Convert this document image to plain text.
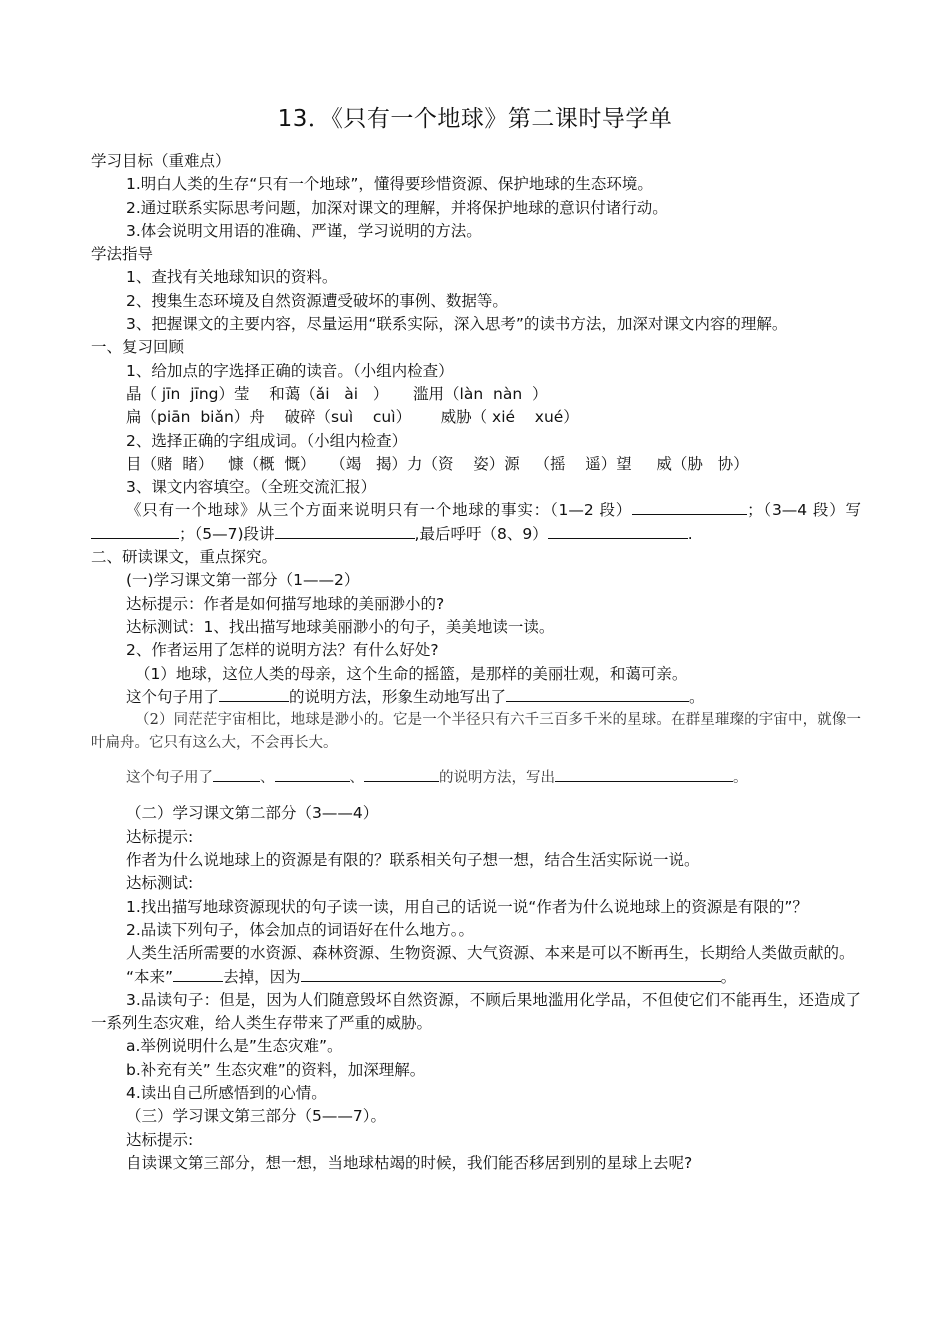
13．《只有一个地球》第二课时导学单
学习目标（重难点）
1.明白人类的生存“只有一个地球”，懂得要珍惜资源、保护地球的生态环境。
2.通过联系实际思考问题，加深对课文的理解，并将保护地球的意识付诸行动。
3.体会说明文用语的准确、严谨，学习说明的方法。
学法指导
1、查找有关地球知识的资料。
2、搜集生态环境及自然资源遭受破坏的事例、数据等。
3、把握课文的主要内容，尽量运用“联系实际，深入思考”的读书方法，加深对课文内容的理解。
一、复习回顾
1、给加点的字选择正确的读音。（小组内检查）
晶（ jīn  jīng）莹    和蔼（ǎi   ài   ）     滥用（làn  nàn  ）
扁（piān  biǎn）舟    破碎（suì    cuì）      威胁（ xié    xué）
2、选择正确的字组成词。（小组内检查）
目（赌  睹）   慷（概  慨）   （竭   揭）力（资    姿）源   （摇    遥）望     威（胁   协）
3、课文内容填空。（全班交流汇报）
《只有一个地球》从三个方面来说明只有一个地球的事实：（1—2 段）	；（3—4 段）写；（5—7)段讲	,最后呼吁（8、9）	.
二、研读课文，重点探究。
(一)学习课文第一部分（1——2）
达标提示：作者是如何描写地球的美丽渺小的?
达标测试：1、找出描写地球美丽渺小的句子，美美地读一读。
2、作者运用了怎样的说明方法？有什么好处?
（1）地球，这位人类的母亲，这个生命的摇篮，是那样的美丽壮观，和蔼可亲。
这个句子用了	的说明方法，形象生动地写出了	。
（2）同茫茫宇宙相比，地球是渺小的。它是一个半径只有六千三百多千米的星球。在群星璀璨的宇宙中，就像一叶扁舟。它只有这么大，不会再长大。
这个句子用了	、	、	的说明方法，写出	。
（二）学习课文第二部分（3——4）
达标提示:
作者为什么说地球上的资源是有限的？联系相关句子想一想，结合生活实际说一说。
达标测试:
1.找出描写地球资源现状的句子读一读，用自己的话说一说“作者为什么说地球上的资源是有限的”？
2.品读下列句子，体会加点的词语好在什么地方。。
人类生活所需要的水资源、森林资源、生物资源、大气资源、本来是可以不断再生，长期给人类做贡献的。
“本来”	去掉，因为	。
3.品读句子：但是，因为人们随意毁坏自然资源，不顾后果地滥用化学品，不但使它们不能再生，还造成了一系列生态灾难，给人类生存带来了严重的威胁。
a.举例说明什么是”生态灾难”。
b.补充有关” 生态灾难”的资料，加深理解。
4.读出自己所感悟到的心情。
（三）学习课文第三部分（5——7）。
达标提示:
自读课文第三部分，想一想，当地球枯竭的时候，我们能否移居到别的星球上去呢?
